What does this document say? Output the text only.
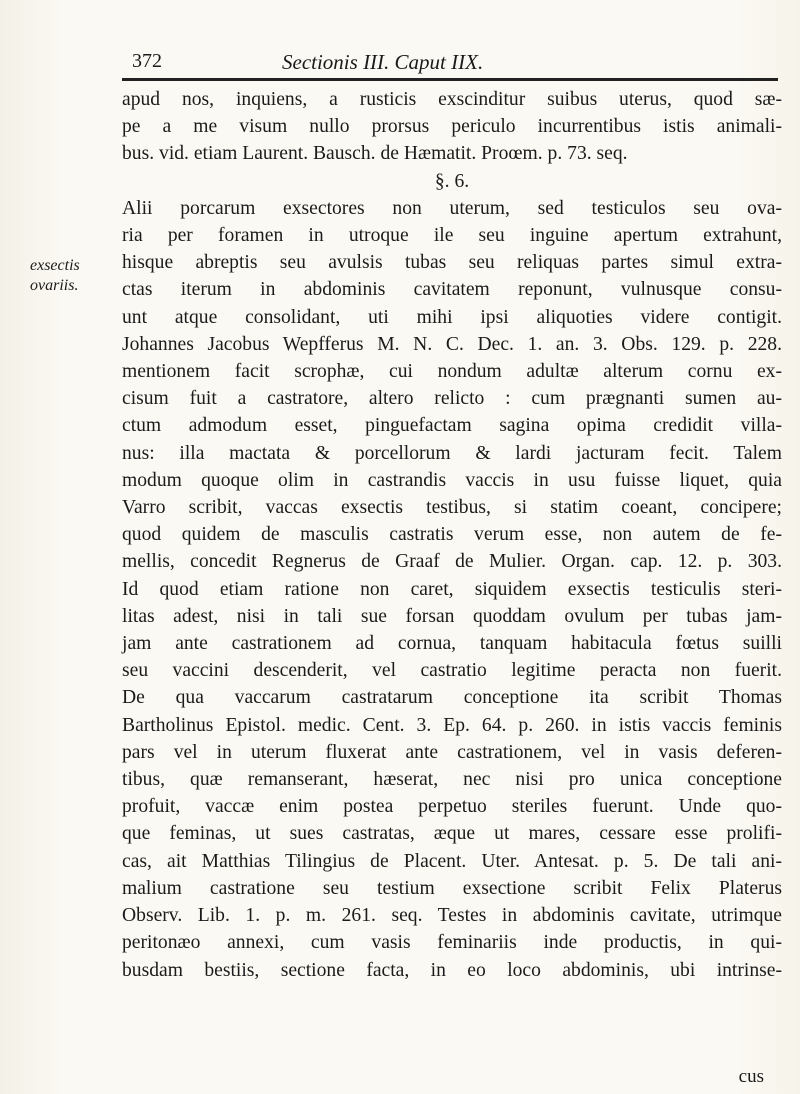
372	Sectionis III. Caput IIX.
exsectis
ovariis.
apud nos, inquiens, a rusticis exscinditur suibus uterus, quod sæ-
pe a me visum nullo prorsus periculo incurrentibus istis animali-
bus. vid. etiam Laurent. Bausch. de Hæmatit. Proœm. p. 73. seq.
§. 6.
Alii porcarum exsectores non uterum, sed testiculos seu ova-
ria per foramen in utroque ile seu inguine apertum extrahunt,
hisque abreptis seu avulsis tubas seu reliquas partes simul extra-
ctas iterum in abdominis cavitatem reponunt, vulnusque consu-
unt atque consolidant, uti mihi ipsi aliquoties videre contigit.
Johannes Jacobus Wepfferus M. N. C. Dec. 1. an. 3. Obs. 129. p. 228.
mentionem facit scrophæ, cui nondum adultæ alterum cornu ex-
cisum fuit a castratore, altero relicto : cum prægnanti sumen au-
ctum admodum esset, pinguefactam sagina opima credidit villa-
nus: illa mactata & porcellorum & lardi jacturam fecit. Talem
modum quoque olim in castrandis vaccis in usu fuisse liquet, quia
Varro scribit, vaccas exsectis testibus, si statim coeant, concipere;
quod quidem de masculis castratis verum esse, non autem de fe-
mellis, concedit Regnerus de Graaf de Mulier. Organ. cap. 12. p. 303.
Id quod etiam ratione non caret, siquidem exsectis testiculis steri-
litas adest, nisi in tali sue forsan quoddam ovulum per tubas jam-
jam ante castrationem ad cornua, tanquam habitacula fœtus suilli
seu vaccini descenderit, vel castratio legitime peracta non fuerit.
De qua vaccarum castratarum conceptione ita scribit Thomas
Bartholinus Epistol. medic. Cent. 3. Ep. 64. p. 260. in istis vaccis feminis
pars vel in uterum fluxerat ante castrationem, vel in vasis deferen-
tibus, quæ remanserant, hæserat, nec nisi pro unica conceptione
profuit, vaccæ enim postea perpetuo steriles fuerunt. Unde quo-
que feminas, ut sues castratas, æque ut mares, cessare esse prolifi-
cas, ait Matthias Tilingius de Placent. Uter. Antesat. p. 5. De tali ani-
malium castratione seu testium exsectione scribit Felix Platerus
Observ. Lib. 1. p. m. 261. seq. Testes in abdominis cavitate, utrimque
peritonæo annexi, cum vasis feminariis inde productis, in qui-
busdam bestiis, sectione facta, in eo loco abdominis, ubi intrinse-
cus
